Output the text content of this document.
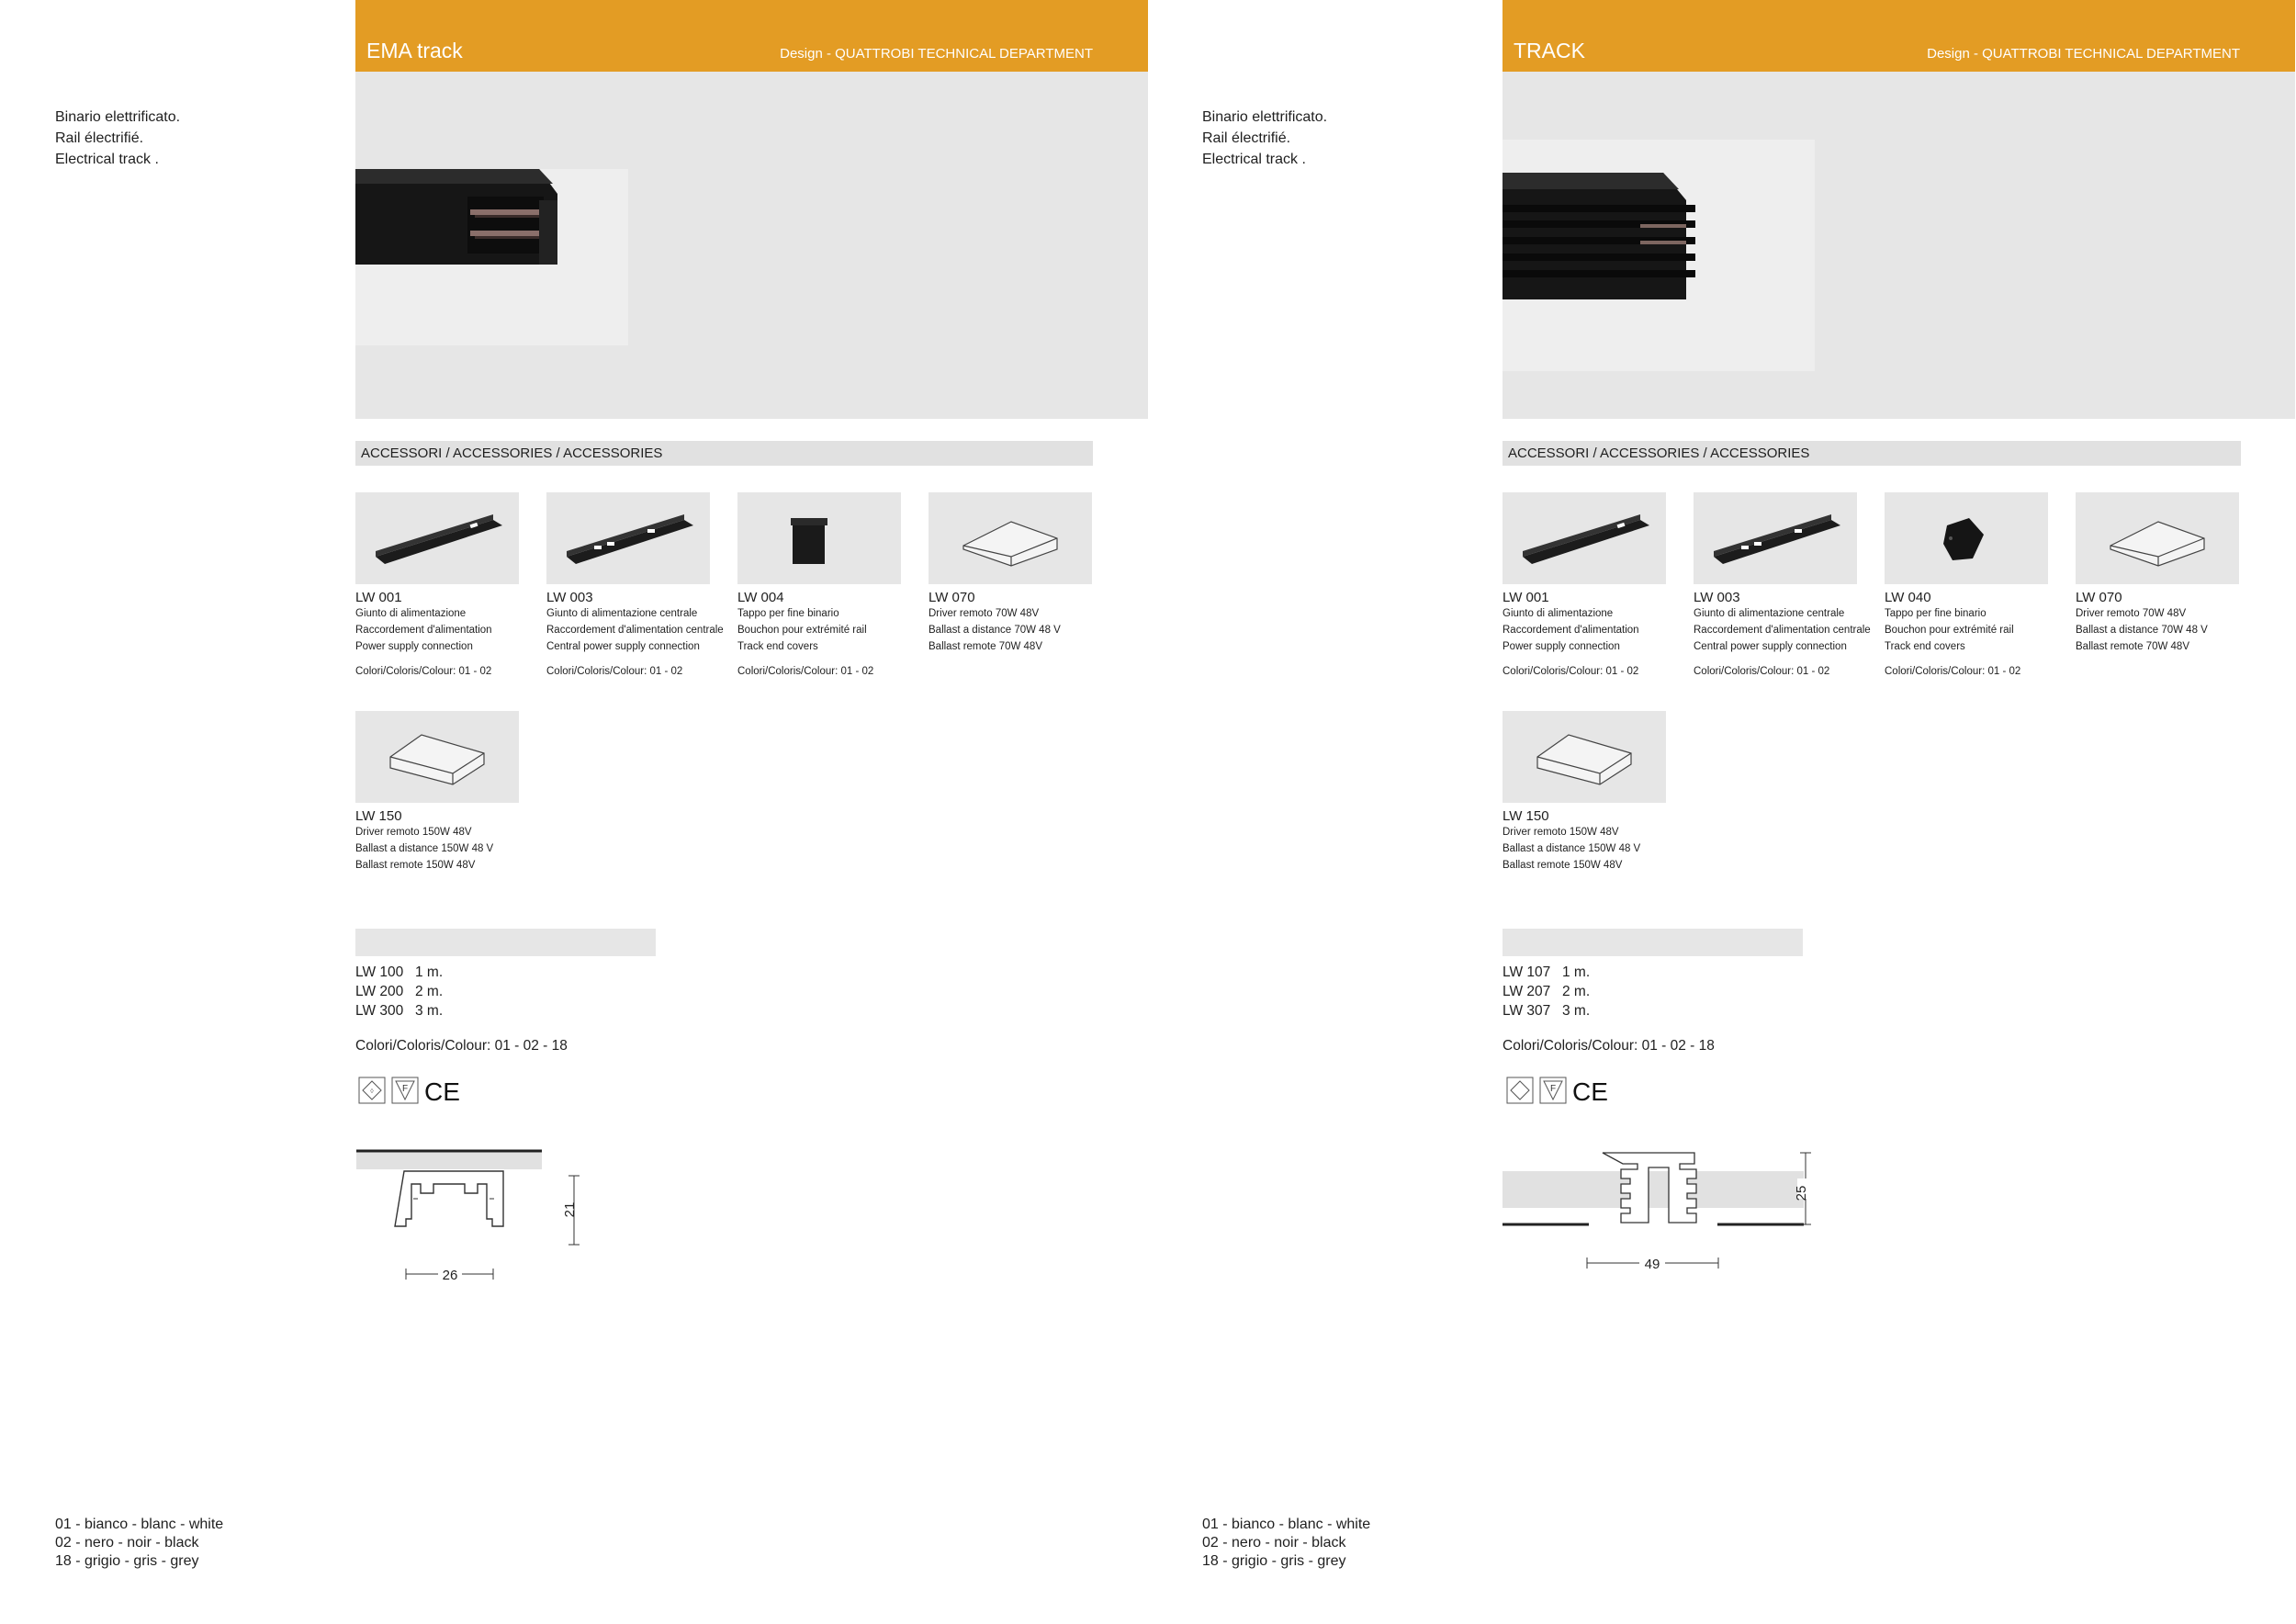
Binario elettrificato.
Rail électrifié.
Electrical track .
EMA track	Design - QUATTROBI TECHNICAL DEPARTMENT
ACCESSORI / ACCESSORIES / ACCESSORIES
LW 001
Giunto di alimentazione
Raccordement d'alimentation
Power supply connection
Colori/Coloris/Colour: 01 - 02
LW 003
Giunto di alimentazione centrale
Raccordement d'alimentation centrale
Central power supply connection
Colori/Coloris/Colour: 01 - 02
LW 004
Tappo per fine binario
Bouchon pour extrémité rail
Track end covers
Colori/Coloris/Colour: 01 - 02
LW 070
Driver remoto 70W 48V
Ballast a distance 70W 48 V
Ballast remote 70W 48V
LW 150
Driver remoto 150W 48V
Ballast a distance 150W 48 V
Ballast remote 150W 48V
LW 100 1 m.
LW 200 2 m.
LW 300 3 m.
Colori/Coloris/Colour: 01 - 02 - 18
◊	F CE
21
26
01 - bianco - blanc - white
02 - nero - noir - black
18 - grigio - gris - grey
Binario elettrificato.
Rail électrifié.
Electrical track .
TRACK	Design - QUATTROBI TECHNICAL DEPARTMENT
ACCESSORI / ACCESSORIES / ACCESSORIES
LW 001
Giunto di alimentazione
Raccordement d'alimentation
Power supply connection
Colori/Coloris/Colour: 01 - 02
LW 003
Giunto di alimentazione centrale
Raccordement d'alimentation centrale
Central power supply connection
Colori/Coloris/Colour: 01 - 02
LW 040
Tappo per fine binario
Bouchon pour extrémité rail
Track end covers
Colori/Coloris/Colour: 01 - 02
LW 070
Driver remoto 70W 48V
Ballast a distance 70W 48 V
Ballast remote 70W 48V
LW 150
Driver remoto 150W 48V
Ballast a distance 150W 48 V
Ballast remote 150W 48V
LW 107 1 m.
LW 207 2 m.
LW 307 3 m.
Colori/Coloris/Colour: 01 - 02 - 18
F CE
25
49
01 - bianco - blanc - white
02 - nero - noir - black
18 - grigio - gris - grey
